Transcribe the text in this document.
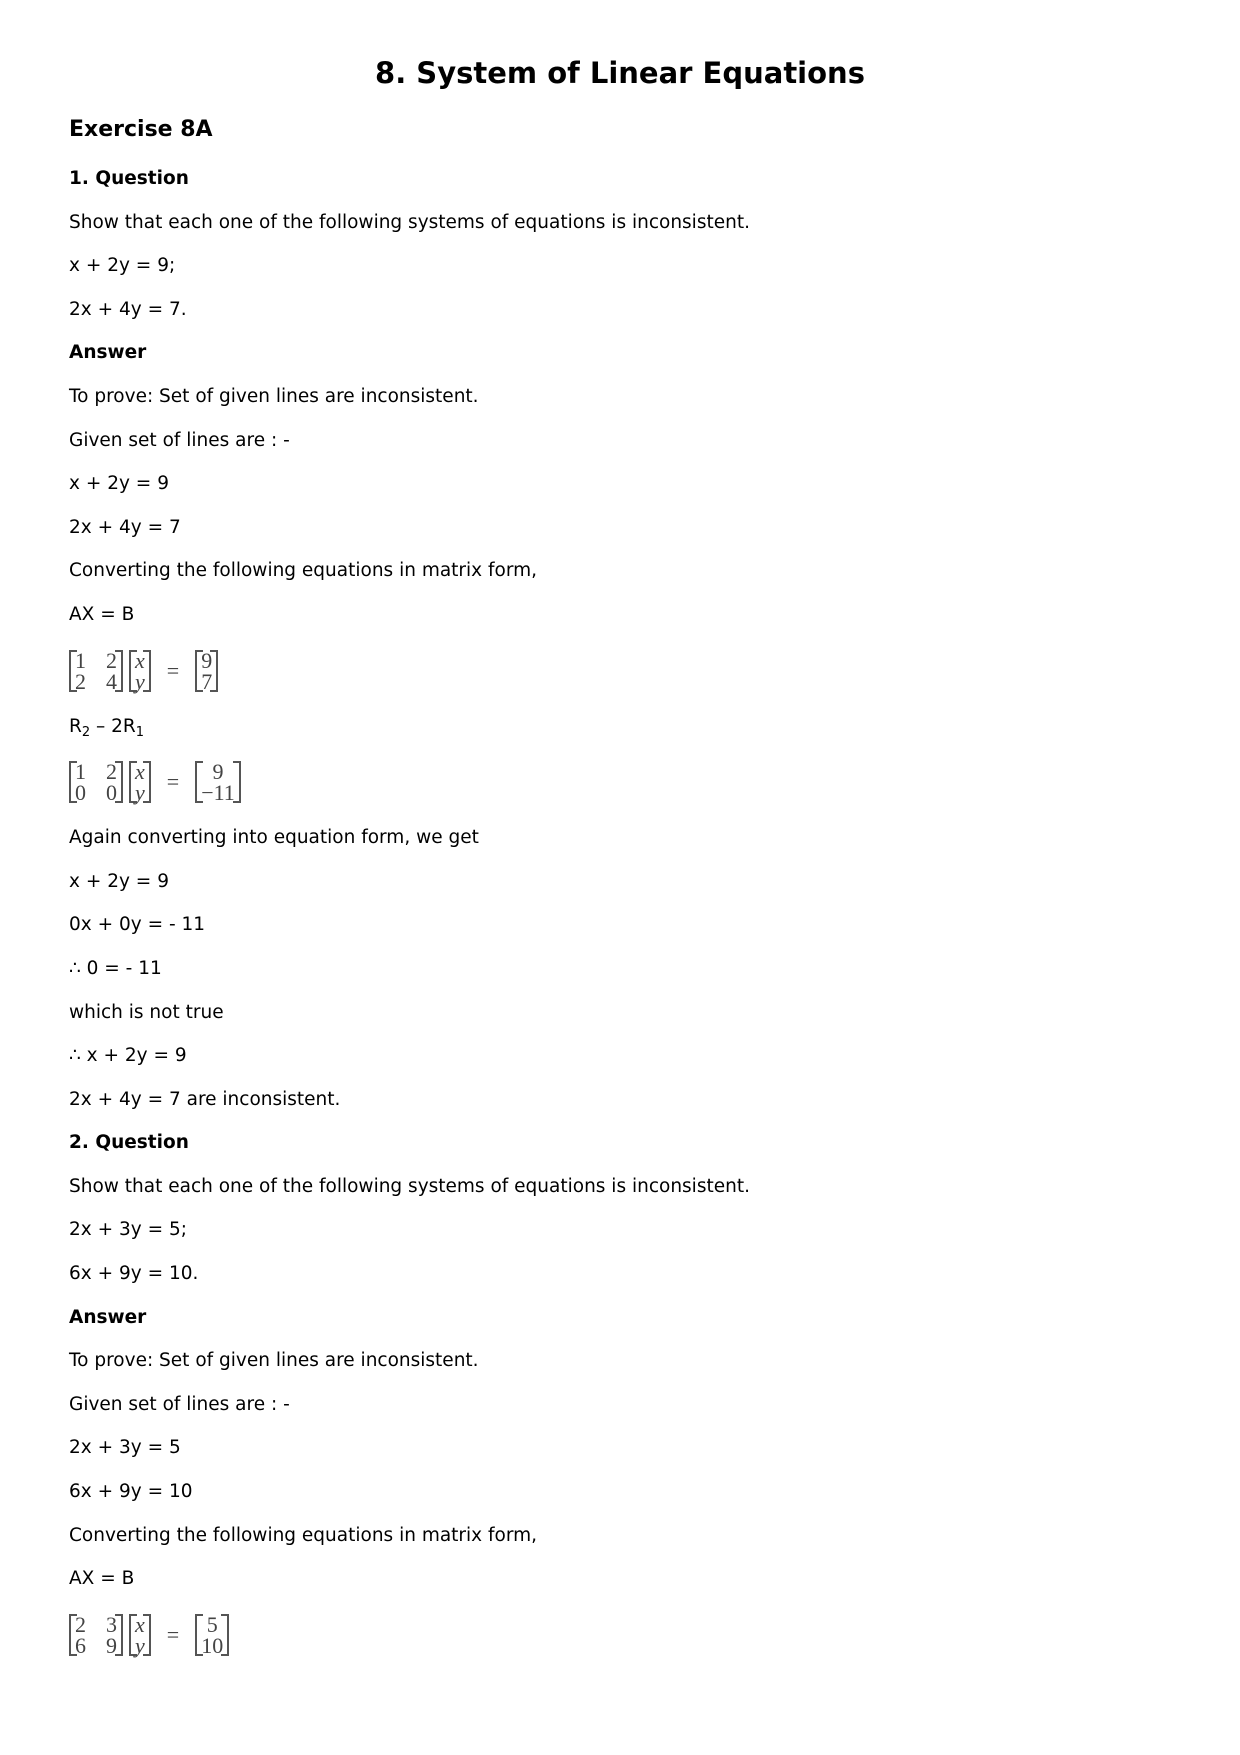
8. System of Linear Equations
Exercise 8A

1. Question

Show that each one of the following systems of equations is inconsistent.

x + 2y = 9;

2x + 4y = 7.

Answer

To prove: Set of given lines are inconsistent.

Given set of lines are : -

x + 2y = 9

2x + 4y = 7

Converting the following equations in matrix form,

AX = B

1 2
2 4
x
y = 9
7

$R_2 - 2R_1$

1 2
0 0
x
y =	9
−11

Again converting into equation form, we get

x + 2y = 9

0x + 0y = - 11

∴ 0 = - 11

which is not true

∴ x + 2y = 9

2x + 4y = 7 are inconsistent.

2. Question

Show that each one of the following systems of equations is inconsistent.

2x + 3y = 5;

6x + 9y = 10.

Answer

To prove: Set of given lines are inconsistent.

Given set of lines are : -

2x + 3y = 5

6x + 9y = 10

Converting the following equations in matrix form,

AX = B

2 3
6 9
x
y = 5
10
